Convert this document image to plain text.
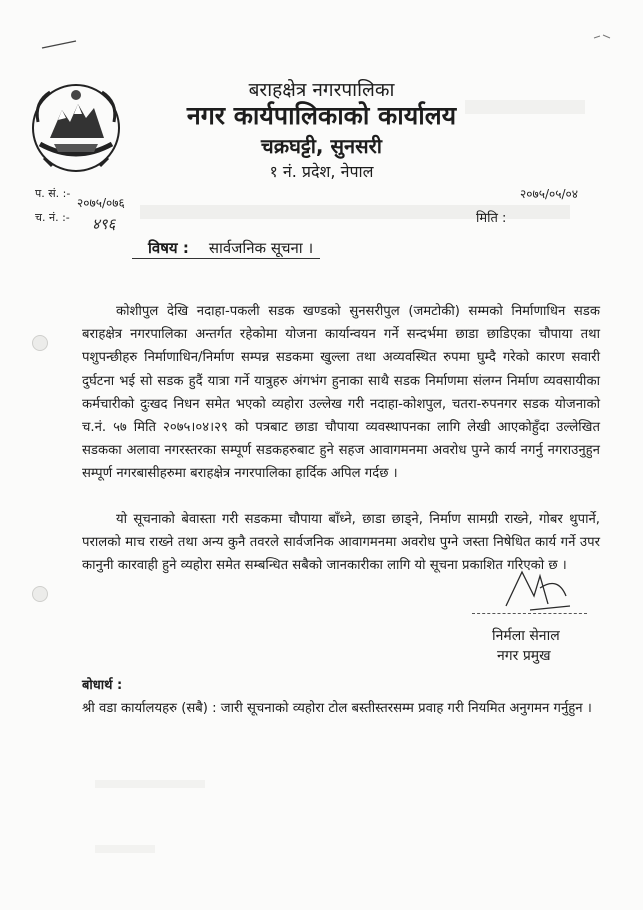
बराहक्षेत्र नगरपालिका
नगर कार्यपालिकाको कार्यालय
चक्रघट्टी, सुनसरी
१ नं. प्रदेश, नेपाल
प. सं. :-
२०७५/०७६
च. नं. :- ४९६
२०७५/०५/०४
मिति :
विषय : सार्वजनिक सूचना ।
कोशीपुल देखि नदाहा-पकली सडक खण्डको सुनसरीपुल (जमटोकी) सम्मको निर्माणाधिन सडक बराहक्षेत्र नगरपालिका अन्तर्गत रहेकोमा योजना कार्यान्वयन गर्ने सन्दर्भमा छाडा छाडिएका चौपाया तथा पशुपन्छीहरु निर्माणाधिन/निर्माण सम्पन्न सडकमा खुल्ला तथा अव्यवस्थित रुपमा घुम्दै गरेको कारण सवारी दुर्घटना भई सो सडक हुदैं यात्रा गर्ने यात्रुहरु अंगभंग हुनाका साथै सडक निर्माणमा संलग्न निर्माण व्यवसायीका कर्मचारीको दुःखद निधन समेत भएको व्यहोरा उल्लेख गरी नदाहा-कोशपुल, चतरा-रुपनगर सडक योजनाको च.नं. ५७ मिति २०७५।०४।२९ को पत्रबाट छाडा चौपाया व्यवस्थापनका लागि लेखी आएकोहुँदा उल्लेखित सडकका अलावा नगरस्तरका सम्पूर्ण सडकहरुबाट हुने सहज आवागमनमा अवरोध पुग्ने कार्य नगर्नु नगराउनुहुन सम्पूर्ण नगरबासीहरुमा बराहक्षेत्र नगरपालिका हार्दिक अपिल गर्दछ ।
यो सूचनाको बेवास्ता गरी सडकमा चौपाया बाँध्ने, छाडा छाड्ने, निर्माण सामग्री राख्ने, गोबर थुपार्ने, परालको माच राख्ने तथा अन्य कुनै तवरले सार्वजनिक आवागमनमा अवरोध पुग्ने जस्ता निषेधित कार्य गर्ने उपर कानुनी कारवाही हुने व्यहोरा समेत सम्बन्धित सबैको जानकारीका लागि यो सूचना प्रकाशित गरिएको छ ।
निर्मला सेनाल
नगर प्रमुख
बोधार्थ :
श्री वडा कार्यालयहरु (सबै) : जारी सूचनाको व्यहोरा टोल बस्तीस्तरसम्म प्रवाह गरी नियमित अनुगमन गर्नुहुन ।
